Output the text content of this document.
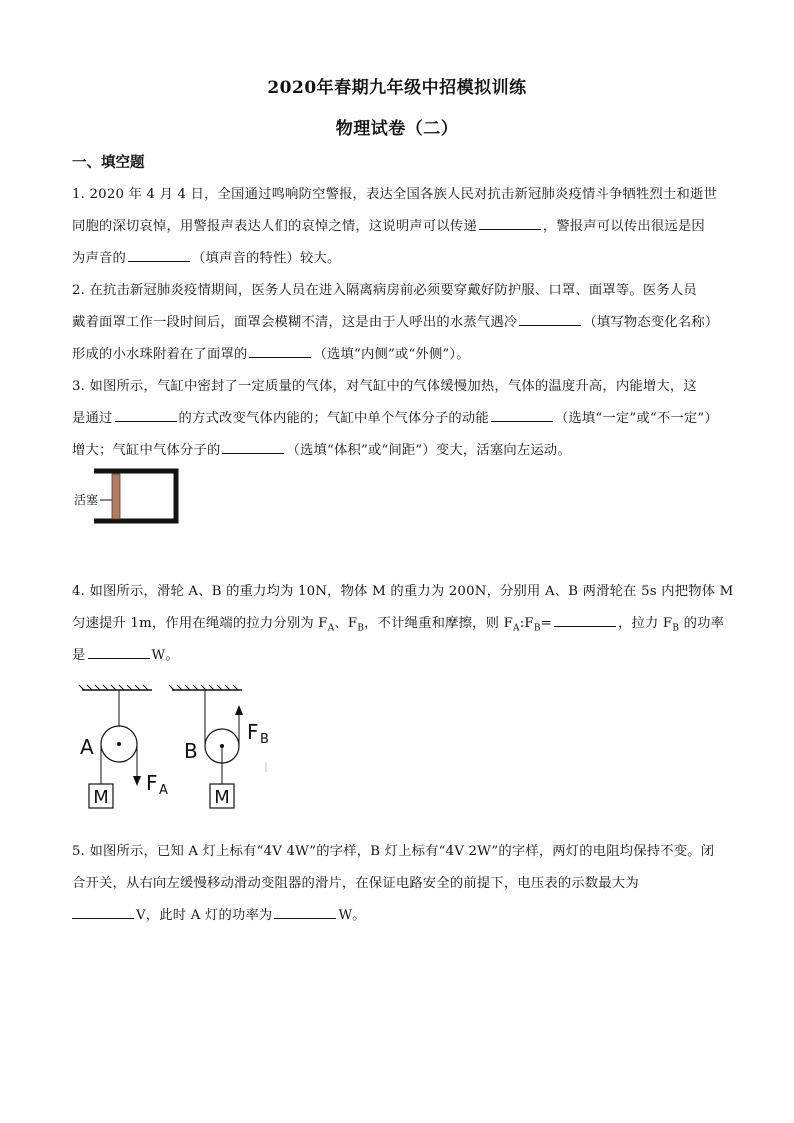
2020年春期九年级中招模拟训练
物理试卷（二）
一、填空题
1. 2020 年 4 月 4 日，全国通过鸣响防空警报，表达全国各族人民对抗击新冠肺炎疫情斗争牺牲烈士和逝世
同胞的深切哀悼，用警报声表达人们的哀悼之情，这说明声可以传递	，警报声可以传出很远是因
为声音的	（填声音的特性）较大。
2. 在抗击新冠肺炎疫情期间，医务人员在进入隔离病房前必须要穿戴好防护服、口罩、面罩等。医务人员
戴着面罩工作一段时间后，面罩会模糊不清，这是由于人呼出的水蒸气遇冷	（填写物态变化名称）
形成的小水珠附着在了面罩的	（选填“内侧”或“外侧”）。
3. 如图所示，气缸中密封了一定质量的气体，对气缸中的气体缓慢加热，气体的温度升高，内能增大，这
是通过	的方式改变气体内能的；气缸中单个气体分子的动能	（选填“一定”或“不一定”）
增大；气缸中气体分子的	（选填“体积”或“间距”）变大，活塞向左运动。
活塞
4. 如图所示，滑轮 A、B 的重力均为 10N，物体 M 的重力为 200N，分别用 A、B 两滑轮在 5s 内把物体 M
匀速提升 1m，作用在绳端的拉力分别为 $F_A$、$F_B$，不计绳重和摩擦，则 $F_A:F_B=$	，拉力 $F_B$ 的功率
是	W。
M
A
F A	M
B
F B
5. 如图所示，已知 A 灯上标有“4V 4W”的字样，B 灯上标有“4V 2W”的字样，两灯的电阻均保持不变。闭
合开关，从右向左缓慢移动滑动变阻器的滑片，在保证电路安全的前提下，电压表的示数最大为
V，此时 A 灯的功率为	W。
